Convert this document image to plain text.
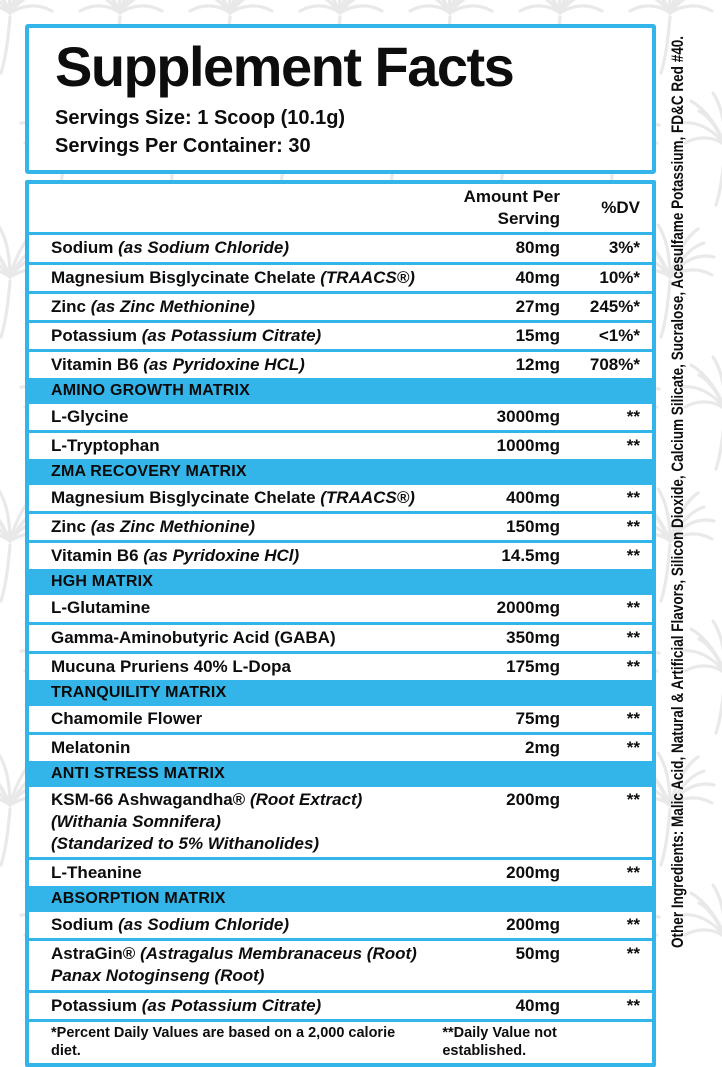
Supplement Facts
Servings Size: 1 Scoop (10.1g)
Servings Per Container: 30
Amount Per Serving
%DV
Sodium (as Sodium Chloride)	80mg	3%*
Magnesium Bisglycinate Chelate (TRAACS®)	40mg	10%*
Zinc (as Zinc Methionine)	27mg	245%*
Potassium (as Potassium Citrate)	15mg	<1%*
Vitamin B6 (as Pyridoxine HCL)	12mg	708%*
AMINO GROWTH MATRIX
L-Glycine	3000mg	**
L-Tryptophan	1000mg	**
ZMA RECOVERY MATRIX
Magnesium Bisglycinate Chelate (TRAACS®)	400mg	**
Zinc (as Zinc Methionine)	150mg	**
Vitamin B6 (as Pyridoxine HCl)	14.5mg	**
HGH MATRIX
L-Glutamine	2000mg	**
Gamma-Aminobutyric Acid (GABA)	350mg	**
Mucuna Pruriens 40% L-Dopa	175mg	**
TRANQUILITY MATRIX
Chamomile Flower	75mg	**
Melatonin	2mg	**
ANTI STRESS MATRIX
KSM-66 Ashwagandha® (Root Extract) (Withania Somnifera)
(Standarized to 5% Withanolides)
200mg	**
L-Theanine	200mg	**
ABSORPTION MATRIX
Sodium (as Sodium Chloride)	200mg	**
AstraGin® (Astragalus Membranaceus (Root)
Panax Notoginseng (Root)
50mg	**
Potassium (as Potassium Citrate)	40mg	**
*Percent Daily Values are based on a 2,000 calorie diet.
**Daily Value not established.
Other Ingredients: Malic Acid, Natural & Artificial Flavors, Silicon Dioxide, Calcium Silicate, Sucralose, Acesulfame Potassium, FD&C Red #40.
